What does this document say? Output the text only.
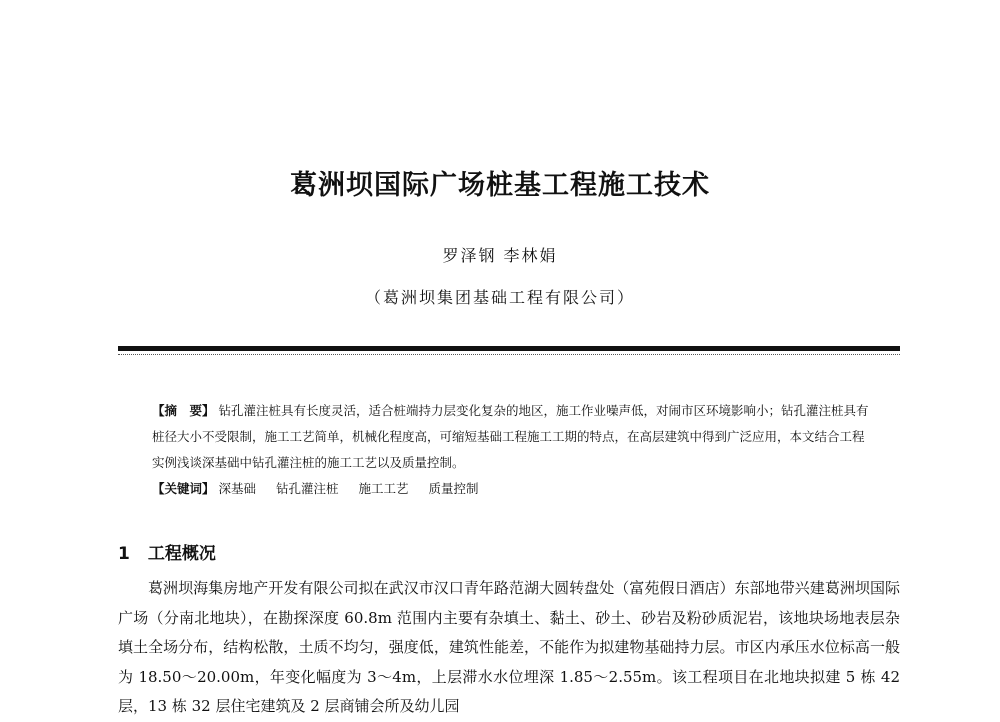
葛洲坝国际广场桩基工程施工技术
罗泽钢 李林娟
（葛洲坝集团基础工程有限公司）

【摘　要】 钻孔灌注桩具有长度灵活，适合桩端持力层变化复杂的地区，施工作业噪声低，对闹市区环境影响小；钻孔灌注桩具有桩径大小不受限制，施工工艺简单，机械化程度高，可缩短基础工程施工工期的特点，在高层建筑中得到广泛应用，本文结合工程实例浅谈深基础中钻孔灌注桩的施工工艺以及质量控制。

【关键词】 深基础 钻孔灌注桩 施工工艺 质量控制

1 工程概况

葛洲坝海集房地产开发有限公司拟在武汉市汉口青年路范湖大圆转盘处（富苑假日酒店）东部地带兴建葛洲坝国际广场（分南北地块），在勘探深度 60.8m 范围内主要有杂填土、黏土、砂土、砂岩及粉砂质泥岩，该地块场地表层杂填土全场分布，结构松散，土质不均匀，强度低，建筑性能差，不能作为拟建物基础持力层。市区内承压水位标高一般为 18.50～20.00m，年变化幅度为 3～4m，上层滞水水位埋深 1.85～2.55m。该工程项目在北地块拟建 5 栋 42 层，13 栋 32 层住宅建筑及 2 层商铺会所及幼儿园
